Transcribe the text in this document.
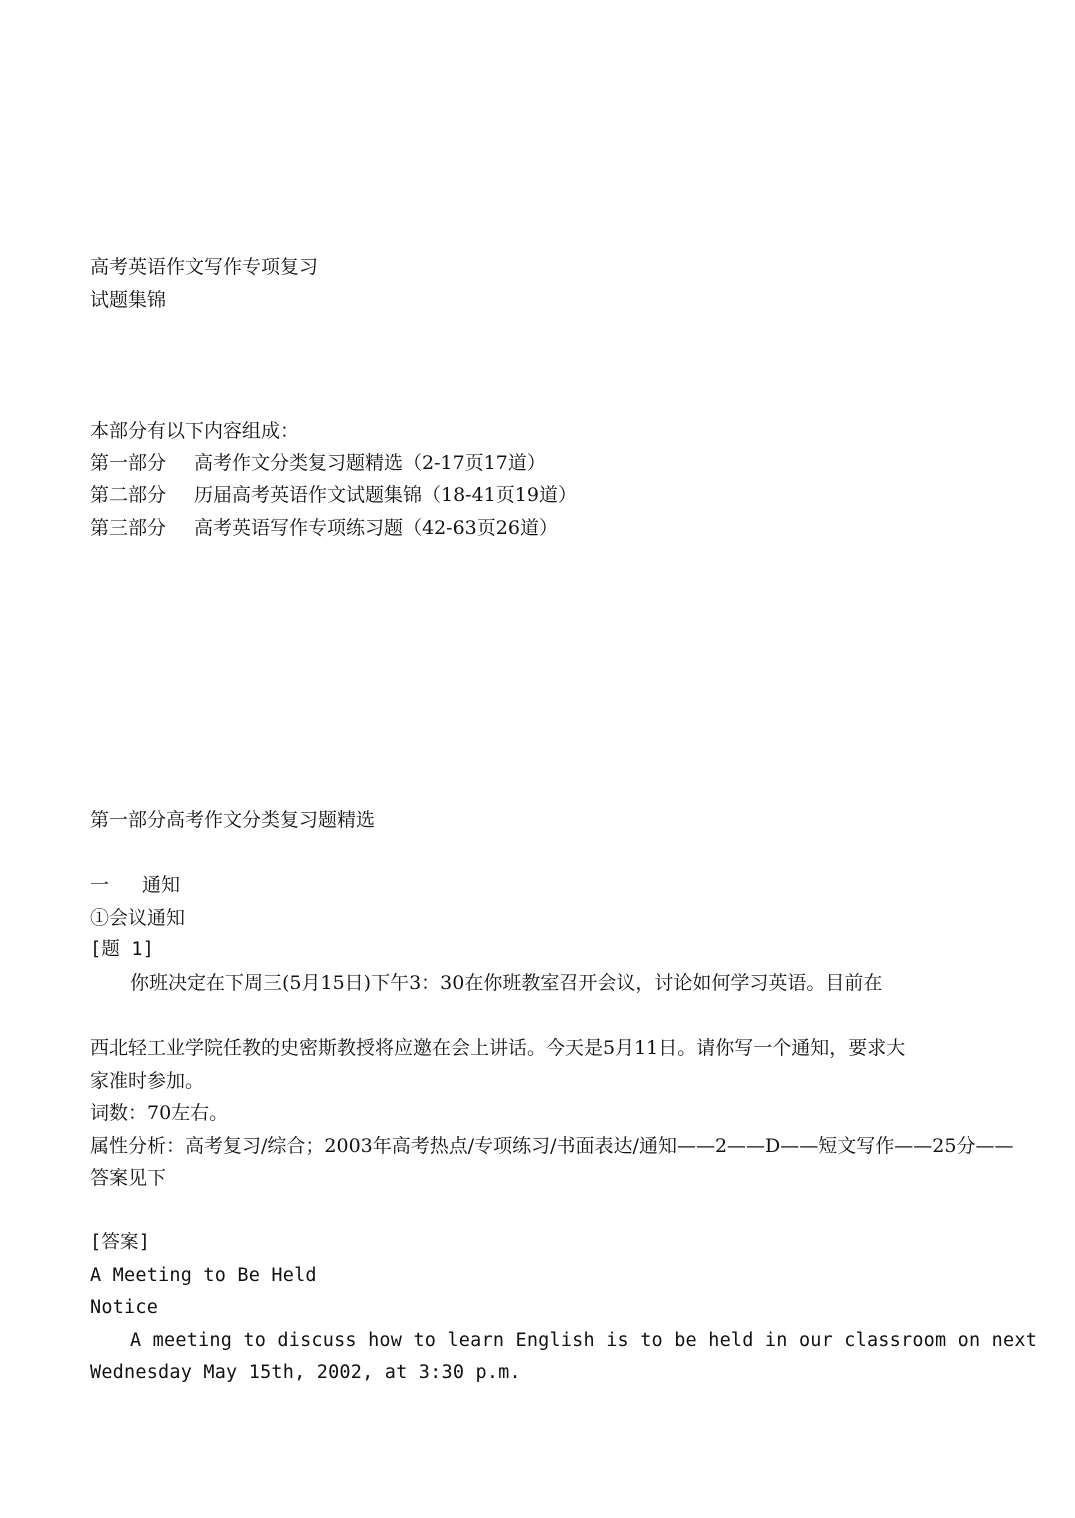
高考英语作文写作专项复习
试题集锦
本部分有以下内容组成：
第一部分 高考作文分类复习题精选（2-17页17道）
第二部分 历届高考英语作文试题集锦（18-41页19道）
第三部分 高考英语写作专项练习题（42-63页26道）
第一部分高考作文分类复习题精选
一 通知
①会议通知
[题 1]
你班决定在下周三(5月15日)下午3：30在你班教室召开会议，讨论如何学习英语。目前在
西北轻工业学院任教的史密斯教授将应邀在会上讲话。今天是5月11日。请你写一个通知，要求大
家准时参加。
词数：70左右。
属性分析：高考复习/综合；2003年高考热点/专项练习/书面表达/通知——2——D——短文写作——25分——
答案见下
[答案]
A Meeting to Be Held
Notice
A meeting to discuss how to learn English is to be held in our classroom on next
Wednesday May 15th, 2002, at 3:30 p.m.
